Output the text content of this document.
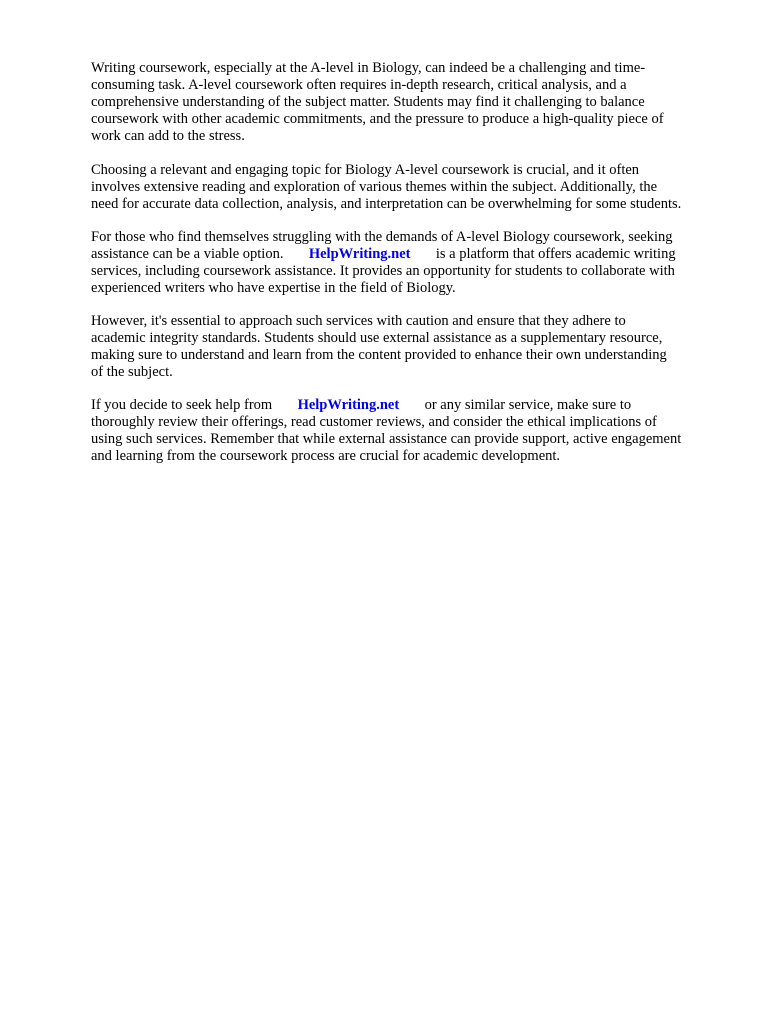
Writing coursework, especially at the A-level in Biology, can indeed be a challenging and time-
consuming task. A-level coursework often requires in-depth research, critical analysis, and a
comprehensive understanding of the subject matter. Students may find it challenging to balance
coursework with other academic commitments, and the pressure to produce a high-quality piece of
work can add to the stress.

Choosing a relevant and engaging topic for Biology A-level coursework is crucial, and it often
involves extensive reading and exploration of various themes within the subject. Additionally, the
need for accurate data collection, analysis, and interpretation can be overwhelming for some students.

For those who find themselves struggling with the demands of A-level Biology coursework, seeking
assistance can be a viable option. HelpWriting.net is a platform that offers academic writing
services, including coursework assistance. It provides an opportunity for students to collaborate with
experienced writers who have expertise in the field of Biology.

However, it's essential to approach such services with caution and ensure that they adhere to
academic integrity standards. Students should use external assistance as a supplementary resource,
making sure to understand and learn from the content provided to enhance their own understanding
of the subject.

If you decide to seek help from HelpWriting.net or any similar service, make sure to
thoroughly review their offerings, read customer reviews, and consider the ethical implications of
using such services. Remember that while external assistance can provide support, active engagement
and learning from the coursework process are crucial for academic development.
